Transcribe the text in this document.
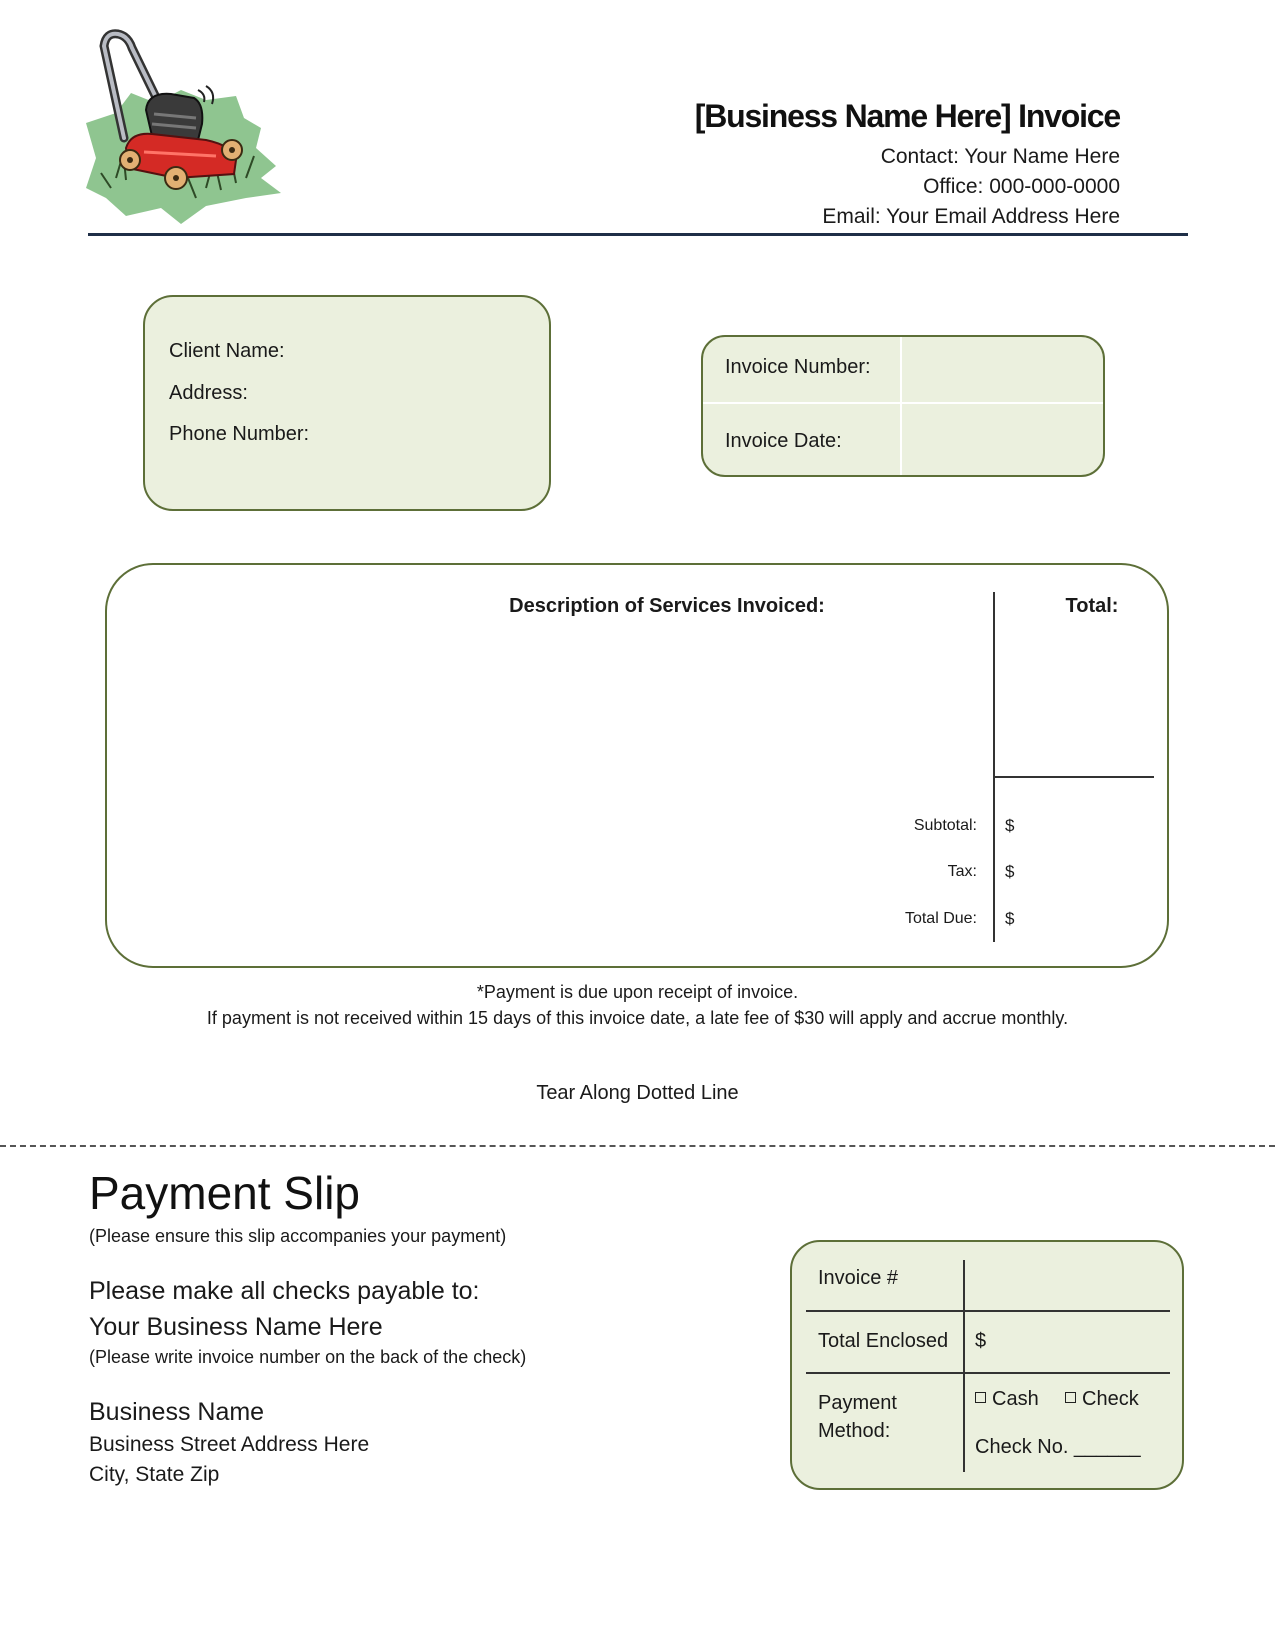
[Business Name Here] Invoice
Contact: Your Name Here
Office: 000-000-0000
Email: Your Email Address Here
Client Name:
Address:
Phone Number:
Invoice Number:
Invoice Date:
Description of Services Invoiced:	Total:
Subtotal: $
Tax: $
Total Due: $
*Payment is due upon receipt of invoice.
If payment is not received within 15 days of this invoice date, a late fee of $30 will apply and accrue monthly.
Tear Along Dotted Line
Payment Slip
(Please ensure this slip accompanies your payment)
Please make all checks payable to:
Your Business Name Here
(Please write invoice number on the back of the check)
Business Name
Business Street Address Here
City, State Zip
Invoice #
Total Enclosed $
Payment
Method:
Cash	Check
Check No. ______
